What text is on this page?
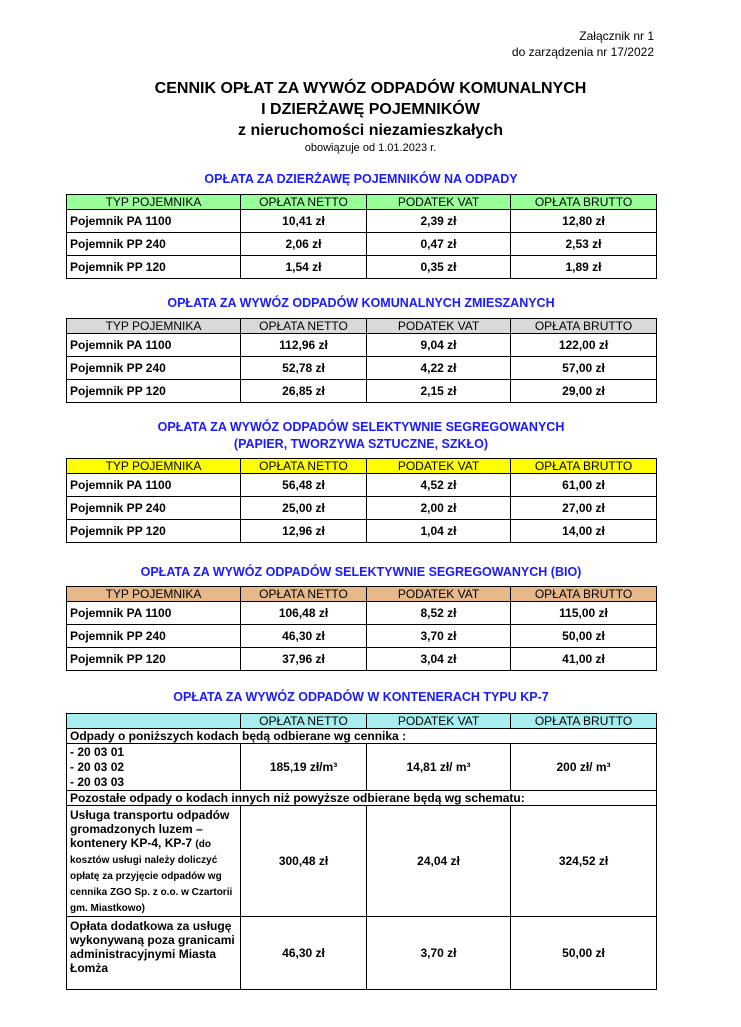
Załącznik nr 1
do zarządzenia nr 17/2022
CENNIK OPŁAT ZA WYWÓZ ODPADÓW KOMUNALNYCH
I DZIERŻAWĘ POJEMNIKÓW
z nieruchomości niezamieszkałych
obowiązuje od 1.01.2023 r.
OPŁATA ZA DZIERŻAWĘ POJEMNIKÓW NA ODPADY
TYP POJEMNIKA	OPŁATA NETTO	PODATEK VAT	OPŁATA BRUTTO
Pojemnik PA 1100	10,41 zł	2,39 zł	12,80 zł
Pojemnik PP 240	2,06 zł	0,47 zł	2,53 zł
Pojemnik PP 120	1,54 zł	0,35 zł	1,89 zł
OPŁATA ZA WYWÓZ ODPADÓW KOMUNALNYCH ZMIESZANYCH
TYP POJEMNIKA	OPŁATA NETTO	PODATEK VAT	OPŁATA BRUTTO
Pojemnik PA 1100	112,96 zł	9,04 zł	122,00 zł
Pojemnik PP 240	52,78 zł	4,22 zł	57,00 zł
Pojemnik PP 120	26,85 zł	2,15 zł	29,00 zł
OPŁATA ZA WYWÓZ ODPADÓW SELEKTYWNIE SEGREGOWANYCH
(PAPIER, TWORZYWA SZTUCZNE, SZKŁO)
TYP POJEMNIKA	OPŁATA NETTO	PODATEK VAT	OPŁATA BRUTTO
Pojemnik PA 1100	56,48 zł	4,52 zł	61,00 zł
Pojemnik PP 240	25,00 zł	2,00 zł	27,00 zł
Pojemnik PP 120	12,96 zł	1,04 zł	14,00 zł
OPŁATA ZA WYWÓZ ODPADÓW SELEKTYWNIE SEGREGOWANYCH (BIO)
TYP POJEMNIKA	OPŁATA NETTO	PODATEK VAT	OPŁATA BRUTTO
Pojemnik PA 1100	106,48 zł	8,52 zł	115,00 zł
Pojemnik PP 240	46,30 zł	3,70 zł	50,00 zł
Pojemnik PP 120	37,96 zł	3,04 zł	41,00 zł
OPŁATA ZA WYWÓZ ODPADÓW W KONTENERACH TYPU KP-7
	OPŁATA NETTO	PODATEK VAT	OPŁATA BRUTTO
Odpady o poniższych kodach będą odbierane wg cennika :			

- 20 03 01
- 20 03 02
- 20 03 03	185,19 zł/m³	14,81 zł/ m³	200 zł/ m³
Pozostałe odpady o kodach innych niż powyższe odbierane będą wg schematu:			
Usługa transportu odpadów gromadzonych luzem – kontenery KP-4, KP-7 (do kosztów usługi należy doliczyć opłatę za przyjęcie odpadów wg cennika ZGO Sp. z o.o. w Czartorii gm. Miastkowo)	300,48 zł	24,04 zł	324,52 zł
Opłata dodatkowa za usługę wykonywaną poza granicami administracyjnymi Miasta Łomża	46,30 zł	3,70 zł	50,00 zł
